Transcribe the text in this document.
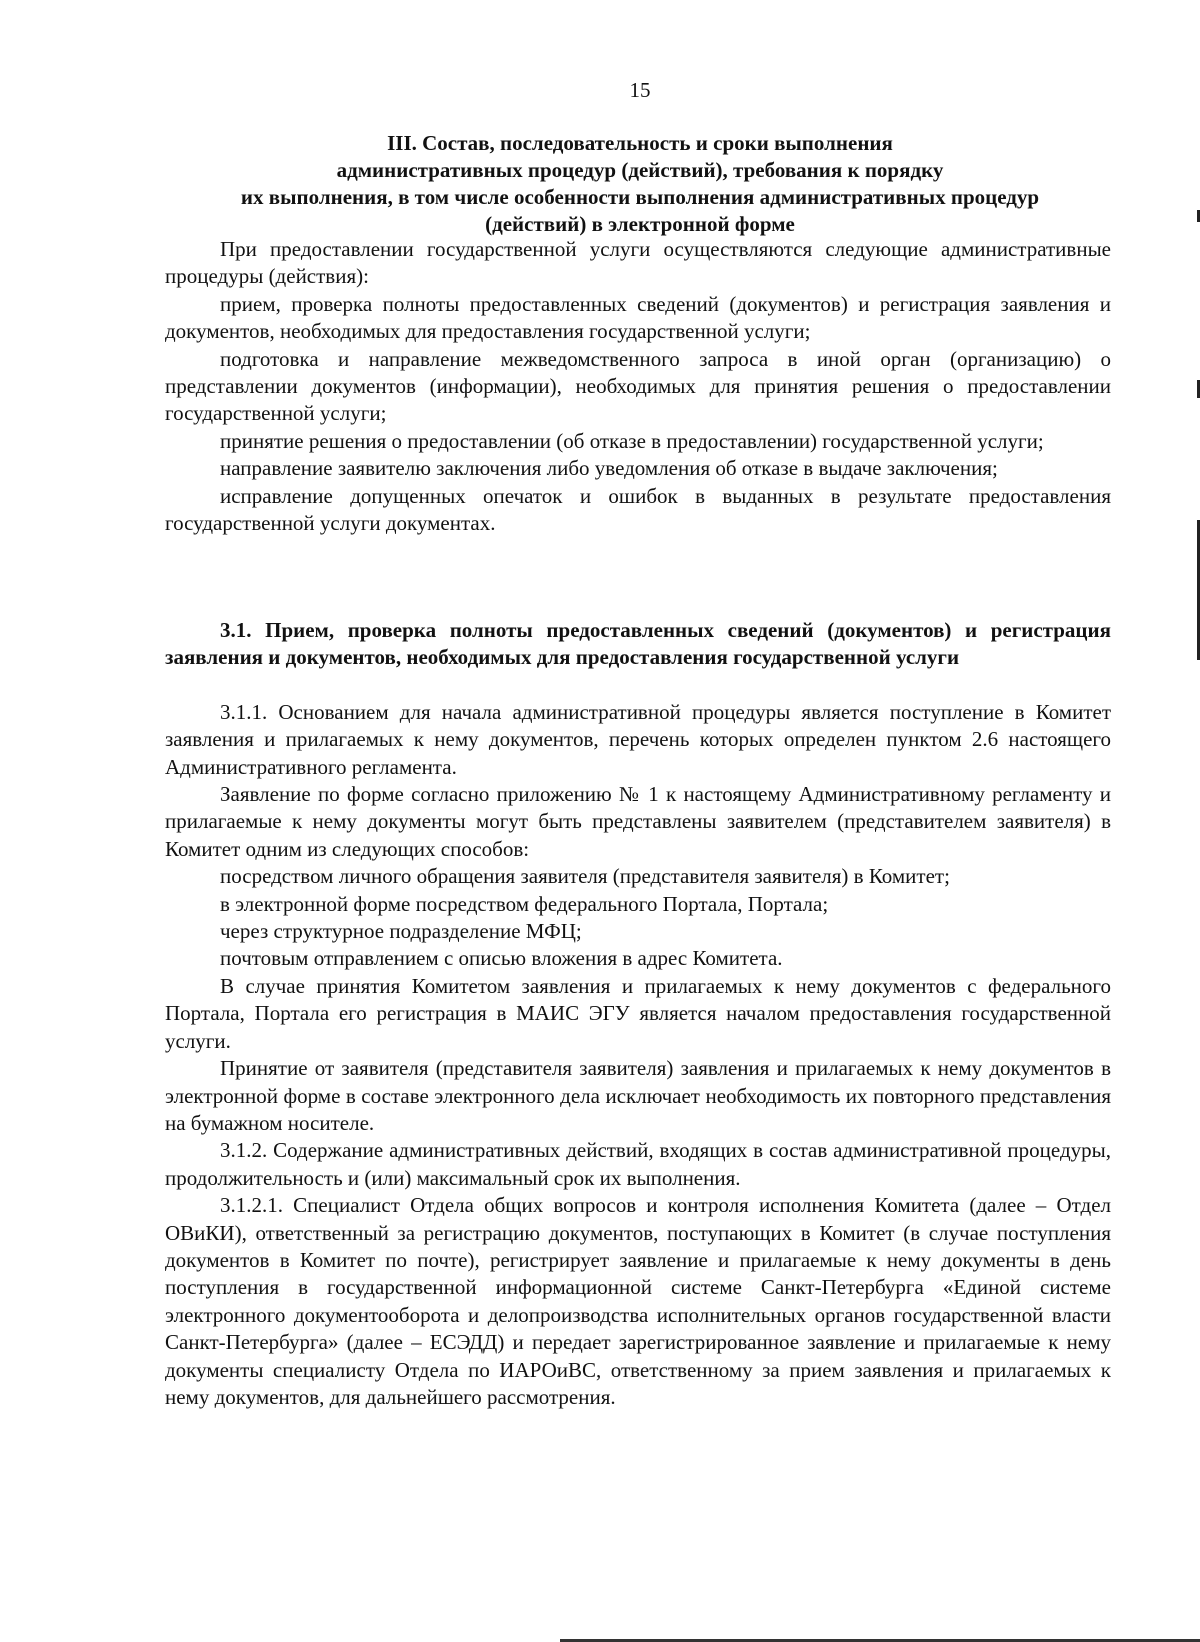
15
III. Состав, последовательность и сроки выполнения
административных процедур (действий), требования к порядку
их выполнения, в том числе особенности выполнения административных процедур
(действий) в электронной форме

При предоставлении государственной услуги осуществляются следующие административные процедуры (действия):

прием, проверка полноты предоставленных сведений (документов) и регистрация заявления и документов, необходимых для предоставления государственной услуги;

подготовка и направление межведомственного запроса в иной орган (организацию) о представлении документов (информации), необходимых для принятия решения о предоставлении государственной услуги;

принятие решения о предоставлении (об отказе в предоставлении) государственной услуги;

направление заявителю заключения либо уведомления об отказе в выдаче заключения;

исправление допущенных опечаток и ошибок в выданных в результате предоставления государственной услуги документах.

3.1. Прием, проверка полноты предоставленных сведений (документов) и регистрация заявления и документов, необходимых для предоставления государственной услуги

3.1.1. Основанием для начала административной процедуры является поступление в Комитет заявления и прилагаемых к нему документов, перечень которых определен пунктом 2.6 настоящего Административного регламента.

Заявление по форме согласно приложению № 1 к настоящему Административному регламенту и прилагаемые к нему документы могут быть представлены заявителем (представителем заявителя) в Комитет одним из следующих способов:

посредством личного обращения заявителя (представителя заявителя) в Комитет;

в электронной форме посредством федерального Портала, Портала;

через структурное подразделение МФЦ;

почтовым отправлением с описью вложения в адрес Комитета.

В случае принятия Комитетом заявления и прилагаемых к нему документов с федерального Портала, Портала его регистрация в МАИС ЭГУ является началом предоставления государственной услуги.

Принятие от заявителя (представителя заявителя) заявления и прилагаемых к нему документов в электронной форме в составе электронного дела исключает необходимость их повторного представления на бумажном носителе.

3.1.2. Содержание административных действий, входящих в состав административной процедуры, продолжительность и (или) максимальный срок их выполнения.

3.1.2.1. Специалист Отдела общих вопросов и контроля исполнения Комитета (далее – Отдел ОВиКИ), ответственный за регистрацию документов, поступающих в Комитет (в случае поступления документов в Комитет по почте), регистрирует заявление и прилагаемые к нему документы в день поступления в государственной информационной системе Санкт-Петербурга «Единой системе электронного документооборота и делопроизводства исполнительных органов государственной власти Санкт-Петербурга» (далее – ЕСЭДД) и передает зарегистрированное заявление и прилагаемые к нему документы специалисту Отдела по ИАРОиВС, ответственному за прием заявления и прилагаемых к нему документов, для дальнейшего рассмотрения.
